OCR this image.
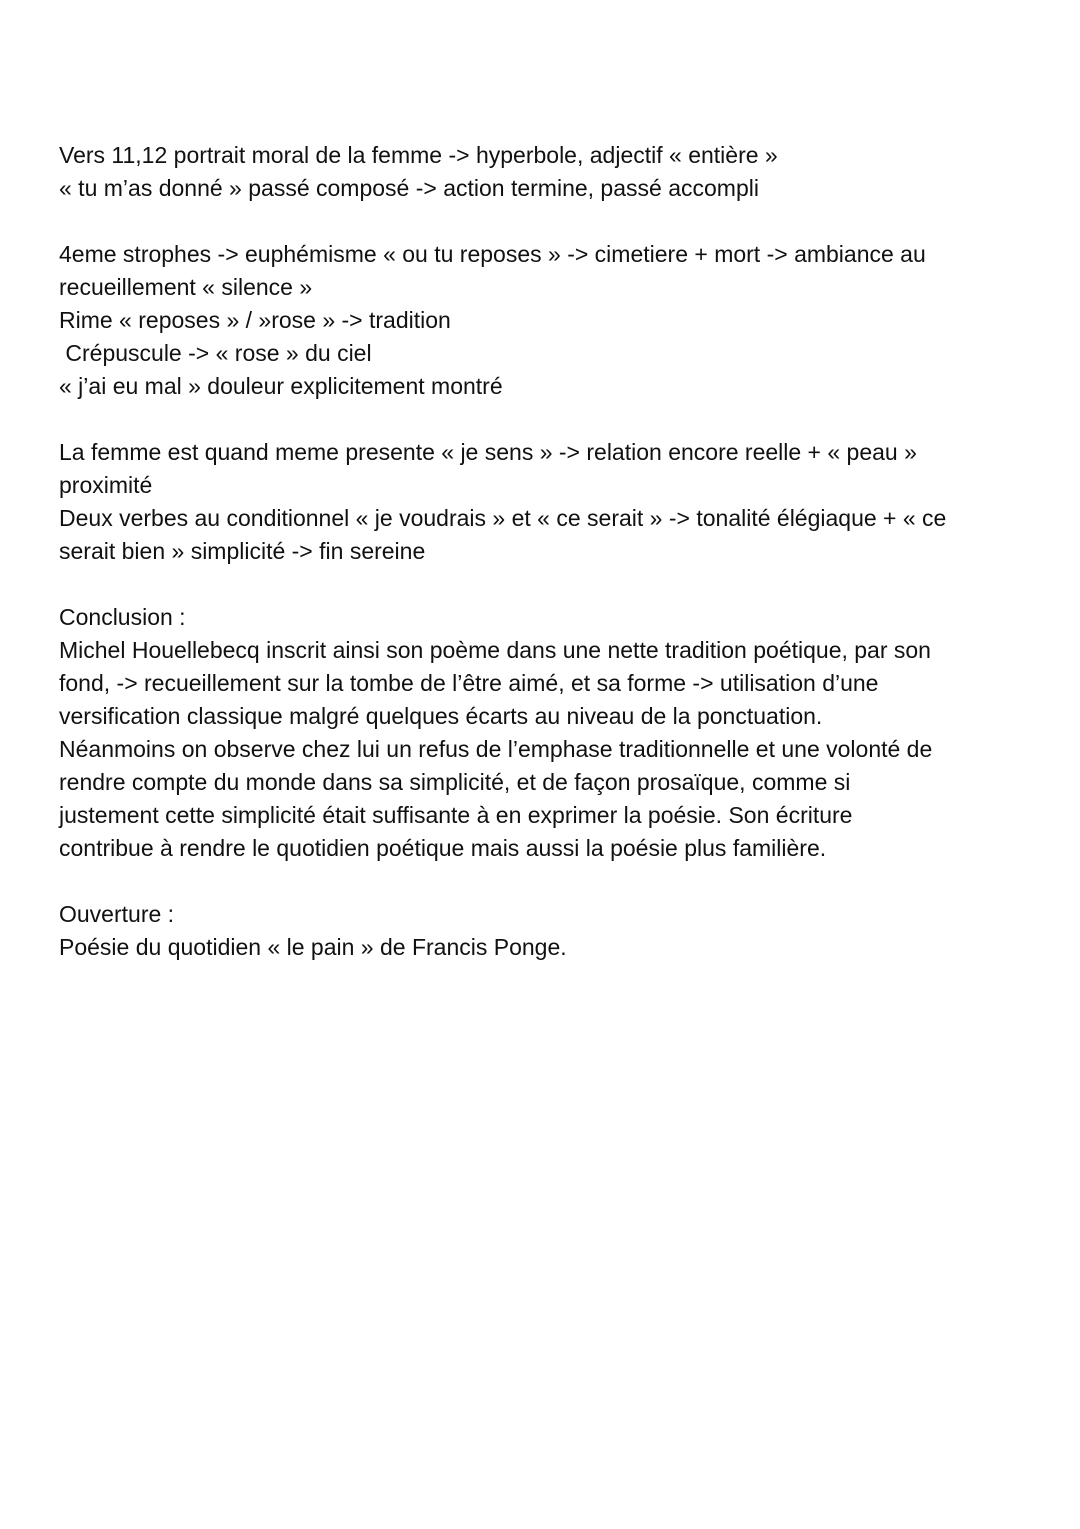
Vers 11,12 portrait moral de la femme -> hyperbole, adjectif « entière »
« tu m’as donné » passé composé -> action termine, passé accompli
4eme strophes -> euphémisme « ou tu reposes » -> cimetiere + mort -> ambiance au
recueillement « silence »
Rime « reposes » / »rose » -> tradition
Crépuscule -> « rose » du ciel
« j’ai eu mal » douleur explicitement montré
La femme est quand meme presente « je sens » -> relation encore reelle + « peau »
proximité
Deux verbes au conditionnel « je voudrais » et « ce serait » -> tonalité élégiaque + « ce
serait bien » simplicité -> fin sereine
Conclusion :
Michel Houellebecq inscrit ainsi son poème dans une nette tradition poétique, par son
fond, -> recueillement sur la tombe de l’être aimé, et sa forme -> utilisation d’une
versification classique malgré quelques écarts au niveau de la ponctuation.
Néanmoins on observe chez lui un refus de l’emphase traditionnelle et une volonté de
rendre compte du monde dans sa simplicité, et de façon prosaïque, comme si
justement cette simplicité était suffisante à en exprimer la poésie. Son écriture
contribue à rendre le quotidien poétique mais aussi la poésie plus familière.
Ouverture :
Poésie du quotidien « le pain » de Francis Ponge.
